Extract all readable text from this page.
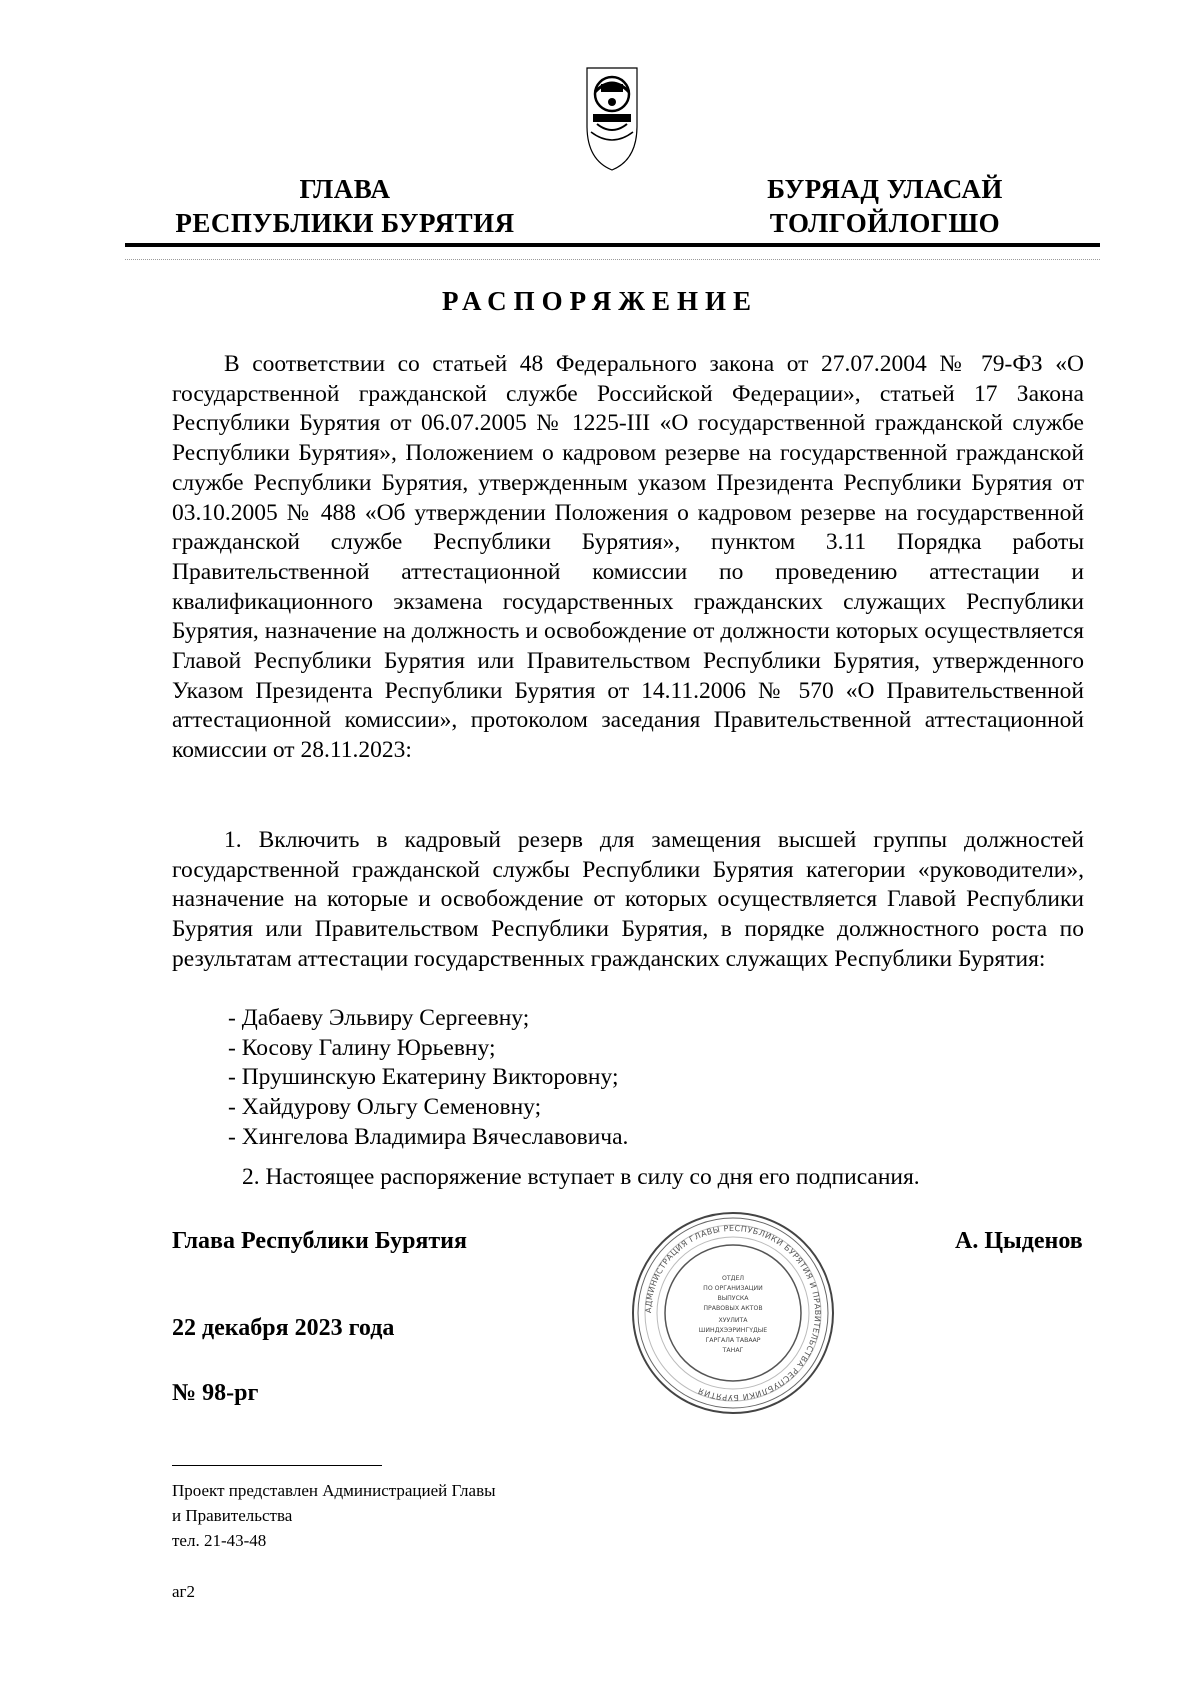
ГЛАВА
РЕСПУБЛИКИ БУРЯТИЯ
БУРЯАД УЛАСАЙ
ТОЛГОЙЛОГШО
РАСПОРЯЖЕНИЕ
В соответствии со статьей 48 Федерального закона от 27.07.2004 № 79-ФЗ «О государственной гражданской службе Российской Федерации», статьей 17 Закона Республики Бурятия от 06.07.2005 № 1225-III «О государственной гражданской службе Республики Бурятия», Положением о кадровом резерве на государственной гражданской службе Республики Бурятия, утвержденным указом Президента Республики Бурятия от 03.10.2005 № 488 «Об утверждении Положения о кадровом резерве на государственной гражданской службе Республики Бурятия», пунктом 3.11 Порядка работы Правительственной аттестационной комиссии по проведению аттестации и квалификационного экзамена государственных гражданских служащих Республики Бурятия, назначение на должность и освобождение от должности которых осуществляется Главой Республики Бурятия или Правительством Республики Бурятия, утвержденного Указом Президента Республики Бурятия от 14.11.2006 № 570 «О Правительственной аттестационной комиссии», протоколом заседания Правительственной аттестационной комиссии от 28.11.2023:
1. Включить в кадровый резерв для замещения высшей группы должностей государственной гражданской службы Республики Бурятия категории «руководители», назначение на которые и освобождение от которых осуществляется Главой Республики Бурятия или Правительством Республики Бурятия, в порядке должностного роста по результатам аттестации государственных гражданских служащих Республики Бурятия:
- Дабаеву Эльвиру Сергеевну;
- Косову Галину Юрьевну;
- Прушинскую Екатерину Викторовну;
- Хайдурову Ольгу Семеновну;
- Хингелова Владимира Вячеславовича.
2. Настоящее распоряжение вступает в силу со дня его подписания.
Глава Республики Бурятия	А. Цыденов
ОТДЕЛ
ПО ОРГАНИЗАЦИИ
ВЫПУСКА
ПРАВОВЫХ АКТОВ
ХУУЛИТА
ШИНДХЭЭРИНГҮДЫЕ
ГАРГАЛА ТАВААР
ТАНАГ
АДМИНИСТРАЦИЯ ГЛАВЫ РЕСПУБЛИКИ БУРЯТИЯ И ПРАВИТЕЛЬСТВА РЕСПУБЛИКИ БУРЯТИЯ
22 декабря 2023 года
№ 98-рг
Проект представлен Администрацией Главы
и Правительства
тел. 21-43-48
аг2
